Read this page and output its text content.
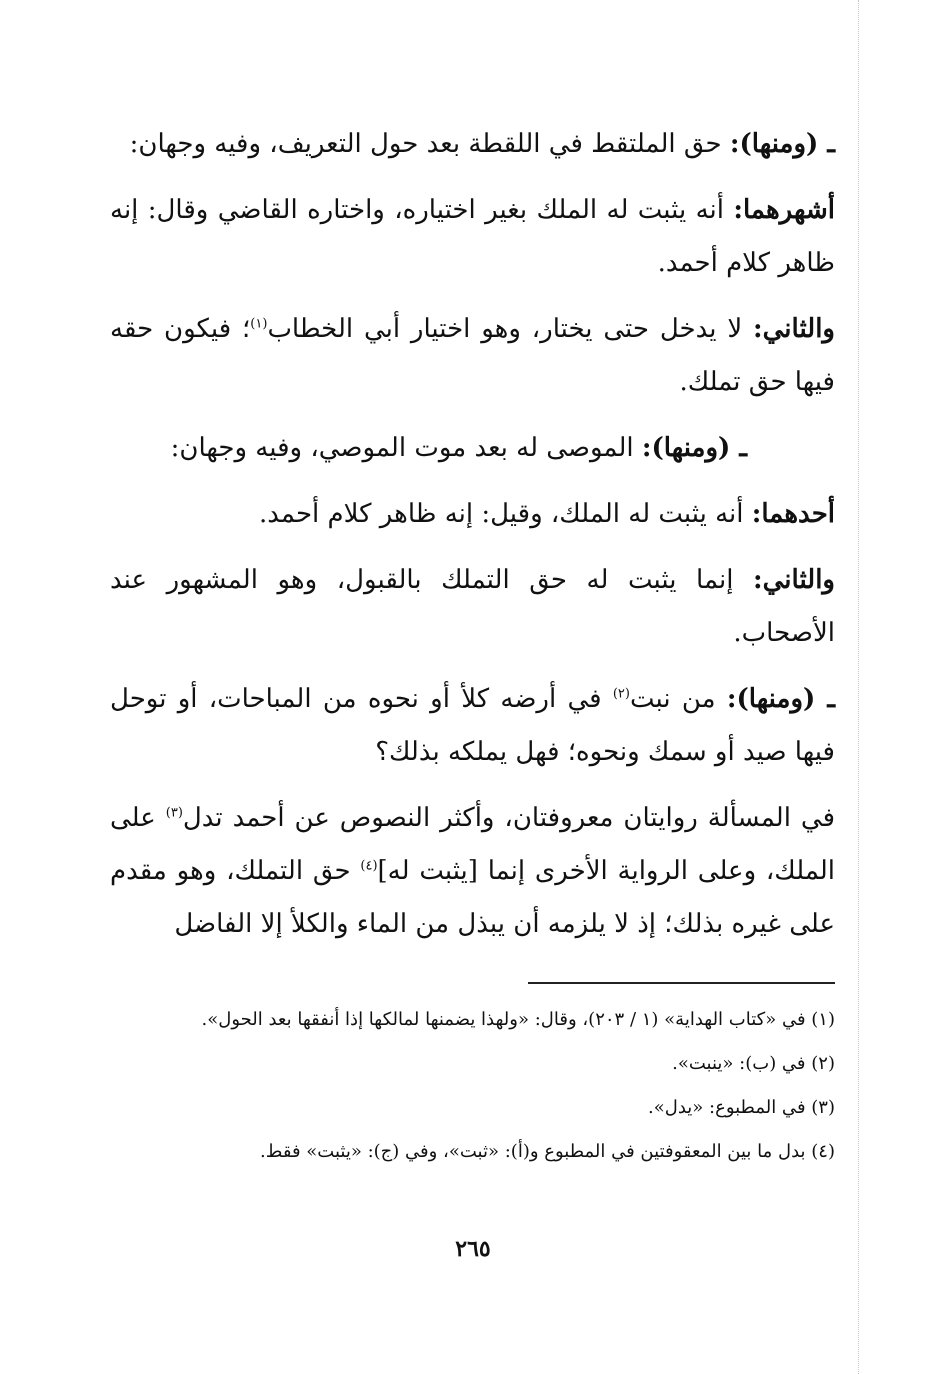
ـ (ومنها): حق الملتقط في اللقطة بعد حول التعريف، وفيه وجهان:

أشهرهما: أنه يثبت له الملك بغير اختياره، واختاره القاضي وقال: إنه ظاهر كلام أحمد.

والثاني: لا يدخل حتى يختار، وهو اختيار أبي الخطاب$^{(١)}$؛ فيكون حقه فيها حق تملك.

ـ (ومنها): الموصى له بعد موت الموصي، وفيه وجهان:

أحدهما: أنه يثبت له الملك، وقيل: إنه ظاهر كلام أحمد.

والثاني: إنما يثبت له حق التملك بالقبول، وهو المشهور عند الأصحاب.

ـ (ومنها): من نبت$^{(٢)}$ في أرضه كلأ أو نحوه من المباحات، أو توحل فيها صيد أو سمك ونحوه؛ فهل يملكه بذلك؟

في المسألة روايتان معروفتان، وأكثر النصوص عن أحمد تدل$^{(٣)}$ على الملك، وعلى الرواية الأخرى إنما [يثبت له]$^{(٤)}$ حق التملك، وهو مقدم على غيره بذلك؛ إذ لا يلزمه أن يبذل من الماء والكلأ إلا الفاضل

(١) في «كتاب الهداية» (١ / ٢٠٣)، وقال: «ولهذا يضمنها لمالكها إذا أنفقها بعد الحول».

(٢) في (ب): «ينبت».

(٣) في المطبوع: «يدل».

(٤) بدل ما بين المعقوفتين في المطبوع و(أ): «ثبت»، وفي (ج): «يثبت» فقط.

٢٦٥
